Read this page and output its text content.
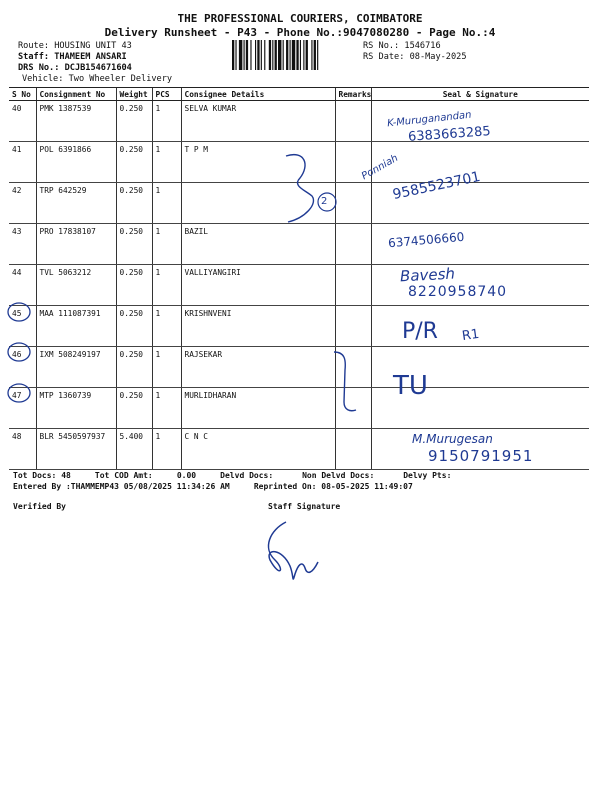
THE PROFESSIONAL COURIERS, COIMBATORE
Delivery Runsheet - P43 - Phone No.:9047080280 - Page No.:4
Route: HOUSING UNIT 43
Staff: THAMEEM ANSARI
DRS No.: DCJB154671604
Vehicle: Two Wheeler Delivery
RS No.: 1546716
RS Date: 08-May-2025
S No	Consignment No	Weight	PCS	Consignee Details	Remarks	Seal & Signature
40	PMK 1387539	0.250	1	SELVA KUMAR		
41	POL 6391866	0.250	1	T P M		
42	TRP 642529	0.250	1			
43	PRO 17838107	0.250	1	BAZIL		
44	TVL 5063212	0.250	1	VALLIYANGIRI		
45	MAA 111087391	0.250	1	KRISHNVENI		
46	IXM 508249197	0.250	1	RAJSEKAR		
47	MTP 1360739	0.250	1	MURLIDHARAN		
48	BLR 5450597937	5.400	1	C N C		
K-Muruganandan
6383663285
2
Ponniah
9585523701
6374506660
Bavesh
8220958740
P/R R1
TU
M.Murugesan
9150791951
Tot Docs: 48	Tot COD Amt:	0.00	Delvd Docs:	Non Delvd Docs:	Delvy Pts:
Entered By :THAMMEMP43 05/08/2025 11:34:26 AM	Reprinted On: 08-05-2025 11:49:07
Verified By	Staff Signature
